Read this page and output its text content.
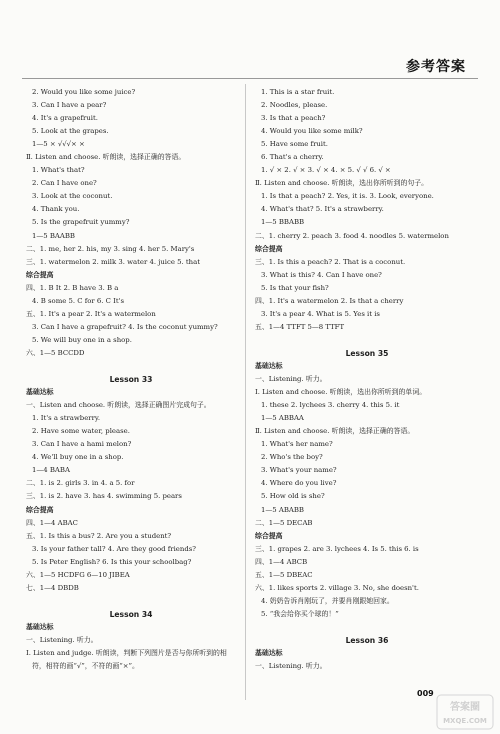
参考答案
2. Would you like some juice?
3. Can I have a pear?
4. It's a grapefruit.
5. Look at the grapes.
1—5 × √√√× ×
Ⅱ. Listen and choose. 听朗读，选择正确的答语。
1. What's that?
2. Can I have one?
3. Look at the coconut.
4. Thank you.
5. Is the grapefruit yummy?
1—5 BAABB
二、1. me, her 2. his, my 3. sing 4. her 5. Mary's
三、1. watermelon 2. milk 3. water 4. juice 5. that
综合提高
四、1. B It 2. B have 3. B a
4. B some 5. C for 6. C It's
五、1. It's a pear 2. It's a watermelon
3. Can I have a grapefruit? 4. Is the coconut yummy?
5. We will buy one in a shop.
六、1—5 BCCDD
Lesson 33
基础达标
一、Listen and choose. 听朗读，选择正确图片完成句子。
1. It's a strawberry.
2. Have some water, please.
3. Can I have a hami melon?
4. We'll buy one in a shop.
1—4 BABA
二、1. is 2. girls 3. in 4. a 5. for
三、1. is 2. have 3. has 4. swimming 5. pears
综合提高
四、1—4 ABAC
五、1. Is this a bus? 2. Are you a student?
3. Is your father tall? 4. Are they good friends?
5. Is Peter English? 6. Is this your schoolbag?
六、1—5 HCDFG 6—10 JIBEA
七、1—4 DBDB
Lesson 34
基础达标
一、Listening. 听力。
Ⅰ. Listen and judge. 听朗读，判断下列图片是否与你所听到的相
符，相符的画“√”，不符的画“×”。
1. This is a star fruit.
2. Noodles, please.
3. Is that a peach?
4. Would you like some milk?
5. Have some fruit.
6. That's a cherry.
1. √ × 2. √ × 3. √ × 4. × 5. √ √ 6. √ ×
Ⅱ. Listen and choose. 听朗读，选出你所听到的句子。
1. Is that a peach? 2. Yes, it is. 3. Look, everyone.
4. What's that? 5. It's a strawberry.
1—5 BBABB
二、1. cherry 2. peach 3. food 4. noodles 5. watermelon
综合提高
三、1. Is this a peach? 2. That is a coconut.
3. What is this? 4. Can I have one?
5. Is that your fish?
四、1. It's a watermelon 2. Is that a cherry
3. It's a pear 4. What is 5. Yes it is
五、1—4 TTFT 5—8 TTFT
Lesson 35
基础达标
一、Listening. 听力。
Ⅰ. Listen and choose. 听朗读，选出你所听到的单词。
1. these 2. lychees 3. cherry 4. this 5. it
1—5 ABBAA
Ⅱ. Listen and choose. 听朗读，选择正确的答语。
1. What's her name?
2. Who's the boy?
3. What's your name?
4. Where do you live?
5. How old is she?
1—5 ABABB
二、1—5 DECAB
综合提高
三、1. grapes 2. are 3. lychees 4. Is 5. this 6. is
四、1—4 ABCB
五、1—5 DBEAC
六、1. likes sports 2. village 3. No, she doesn't.
4. 奶奶告诉肖刚玩了，并要肖刚跟她回家。
5. “我会给你买个球的！”
Lesson 36
基础达标
一、Listening. 听力。
009
答案圈
MXQE.COM
